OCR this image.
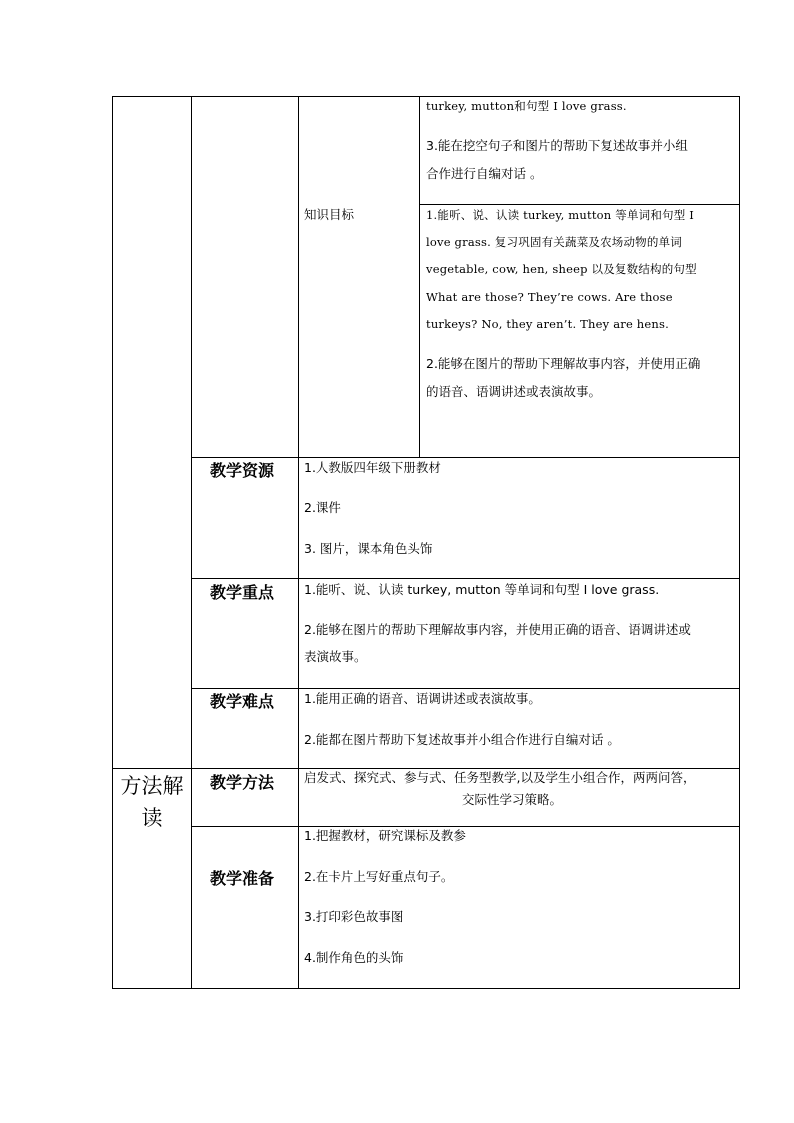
turkey, mutton和句型 I love grass.
3.能在挖空句子和图片的帮助下复述故事并小组
合作进行自编对话 。
知识目标	1.能听、说、认读 turkey, mutton 等单词和句型 I
love grass. 复习巩固有关蔬菜及农场动物的单词
vegetable, cow, hen, sheep 以及复数结构的句型
What are those? They’re cows. Are those
turkeys? No, they aren’t. They are hens.
2.能够在图片的帮助下理解故事内容，并使用正确
的语音、语调讲述或表演故事。
教学资源 1.人教版四年级下册教材
2.课件
3. 图片，课本角色头饰
教学重点 1.能听、说、认读 turkey, mutton 等单词和句型 I love grass.
2.能够在图片的帮助下理解故事内容，并使用正确的语音、语调讲述或
表演故事。
教学难点 1.能用正确的语音、语调讲述或表演故事。
2.能都在图片帮助下复述故事并小组合作进行自编对话 。
方法解
读
教学方法 启发式、探究式、参与式、任务型教学,以及学生小组合作，两两问答，
交际性学习策略。
教学准备
1.把握教材，研究课标及教参
2.在卡片上写好重点句子。
3.打印彩色故事图
4.制作角色的头饰
